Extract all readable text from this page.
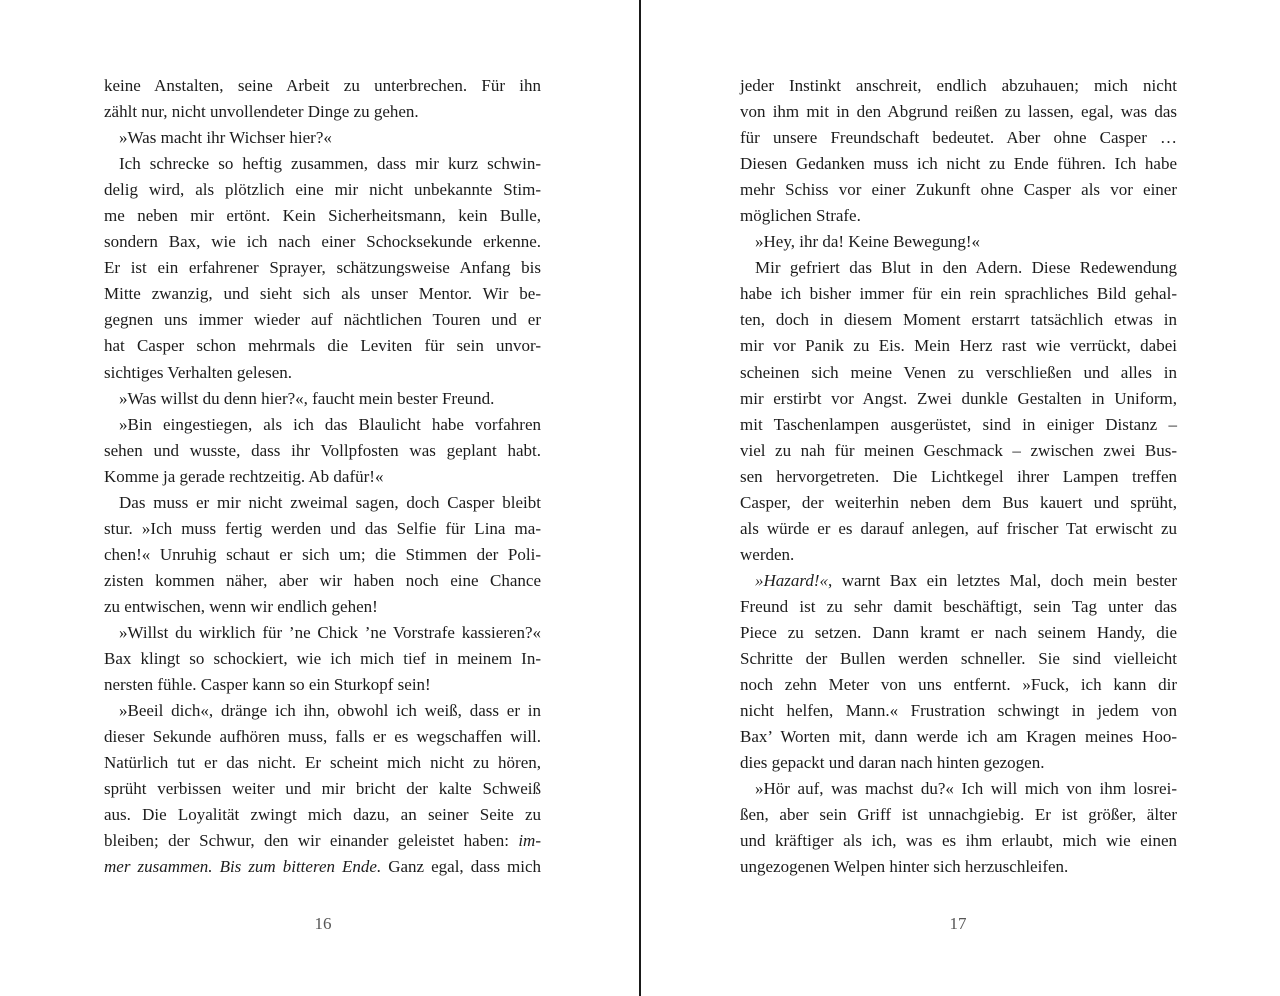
keine Anstalten, seine Arbeit zu unterbrechen. Für ihn
zählt nur, nicht unvollendeter Dinge zu gehen.
»Was macht ihr Wichser hier?«
Ich schrecke so heftig zusammen, dass mir kurz schwin-
delig wird, als plötzlich eine mir nicht unbekannte Stim-
me neben mir ertönt. Kein Sicherheitsmann, kein Bulle,
sondern Bax, wie ich nach einer Schocksekunde erkenne.
Er ist ein erfahrener Sprayer, schätzungsweise Anfang bis
Mitte zwanzig, und sieht sich als unser Mentor. Wir be-
gegnen uns immer wieder auf nächtlichen Touren und er
hat Casper schon mehrmals die Leviten für sein unvor-
sichtiges Verhalten gelesen.
»Was willst du denn hier?«, faucht mein bester Freund.
»Bin eingestiegen, als ich das Blaulicht habe vorfahren
sehen und wusste, dass ihr Vollpfosten was geplant habt.
Komme ja gerade rechtzeitig. Ab dafür!«
Das muss er mir nicht zweimal sagen, doch Casper bleibt
stur. »Ich muss fertig werden und das Selfie für Lina ma-
chen!« Unruhig schaut er sich um; die Stimmen der Poli-
zisten kommen näher, aber wir haben noch eine Chance
zu entwischen, wenn wir endlich gehen!
»Willst du wirklich für ’ne Chick ’ne Vorstrafe kassieren?«
Bax klingt so schockiert, wie ich mich tief in meinem In-
nersten fühle. Casper kann so ein Sturkopf sein!
»Beeil dich«, dränge ich ihn, obwohl ich weiß, dass er in
dieser Sekunde aufhören muss, falls er es wegschaffen will.
Natürlich tut er das nicht. Er scheint mich nicht zu hören,
sprüht verbissen weiter und mir bricht der kalte Schweiß
aus. Die Loyalität zwingt mich dazu, an seiner Seite zu
bleiben; der Schwur, den wir einander geleistet haben: im-
mer zusammen. Bis zum bitteren Ende. Ganz egal, dass mich
jeder Instinkt anschreit, endlich abzuhauen; mich nicht
von ihm mit in den Abgrund reißen zu lassen, egal, was das
für unsere Freundschaft bedeutet. Aber ohne Casper …
Diesen Gedanken muss ich nicht zu Ende führen. Ich habe
mehr Schiss vor einer Zukunft ohne Casper als vor einer
möglichen Strafe.
»Hey, ihr da! Keine Bewegung!«
Mir gefriert das Blut in den Adern. Diese Redewendung
habe ich bisher immer für ein rein sprachliches Bild gehal-
ten, doch in diesem Moment erstarrt tatsächlich etwas in
mir vor Panik zu Eis. Mein Herz rast wie verrückt, dabei
scheinen sich meine Venen zu verschließen und alles in
mir erstirbt vor Angst. Zwei dunkle Gestalten in Uniform,
mit Taschenlampen ausgerüstet, sind in einiger Distanz –
viel zu nah für meinen Geschmack – zwischen zwei Bus-
sen hervorgetreten. Die Lichtkegel ihrer Lampen treffen
Casper, der weiterhin neben dem Bus kauert und sprüht,
als würde er es darauf anlegen, auf frischer Tat erwischt zu
werden.
»Hazard!«, warnt Bax ein letztes Mal, doch mein bester
Freund ist zu sehr damit beschäftigt, sein Tag unter das
Piece zu setzen. Dann kramt er nach seinem Handy, die
Schritte der Bullen werden schneller. Sie sind vielleicht
noch zehn Meter von uns entfernt. »Fuck, ich kann dir
nicht helfen, Mann.« Frustration schwingt in jedem von
Bax’ Worten mit, dann werde ich am Kragen meines Hoo-
dies gepackt und daran nach hinten gezogen.
»Hör auf, was machst du?« Ich will mich von ihm losrei-
ßen, aber sein Griff ist unnachgiebig. Er ist größer, älter
und kräftiger als ich, was es ihm erlaubt, mich wie einen
ungezogenen Welpen hinter sich herzuschleifen.
16	17
